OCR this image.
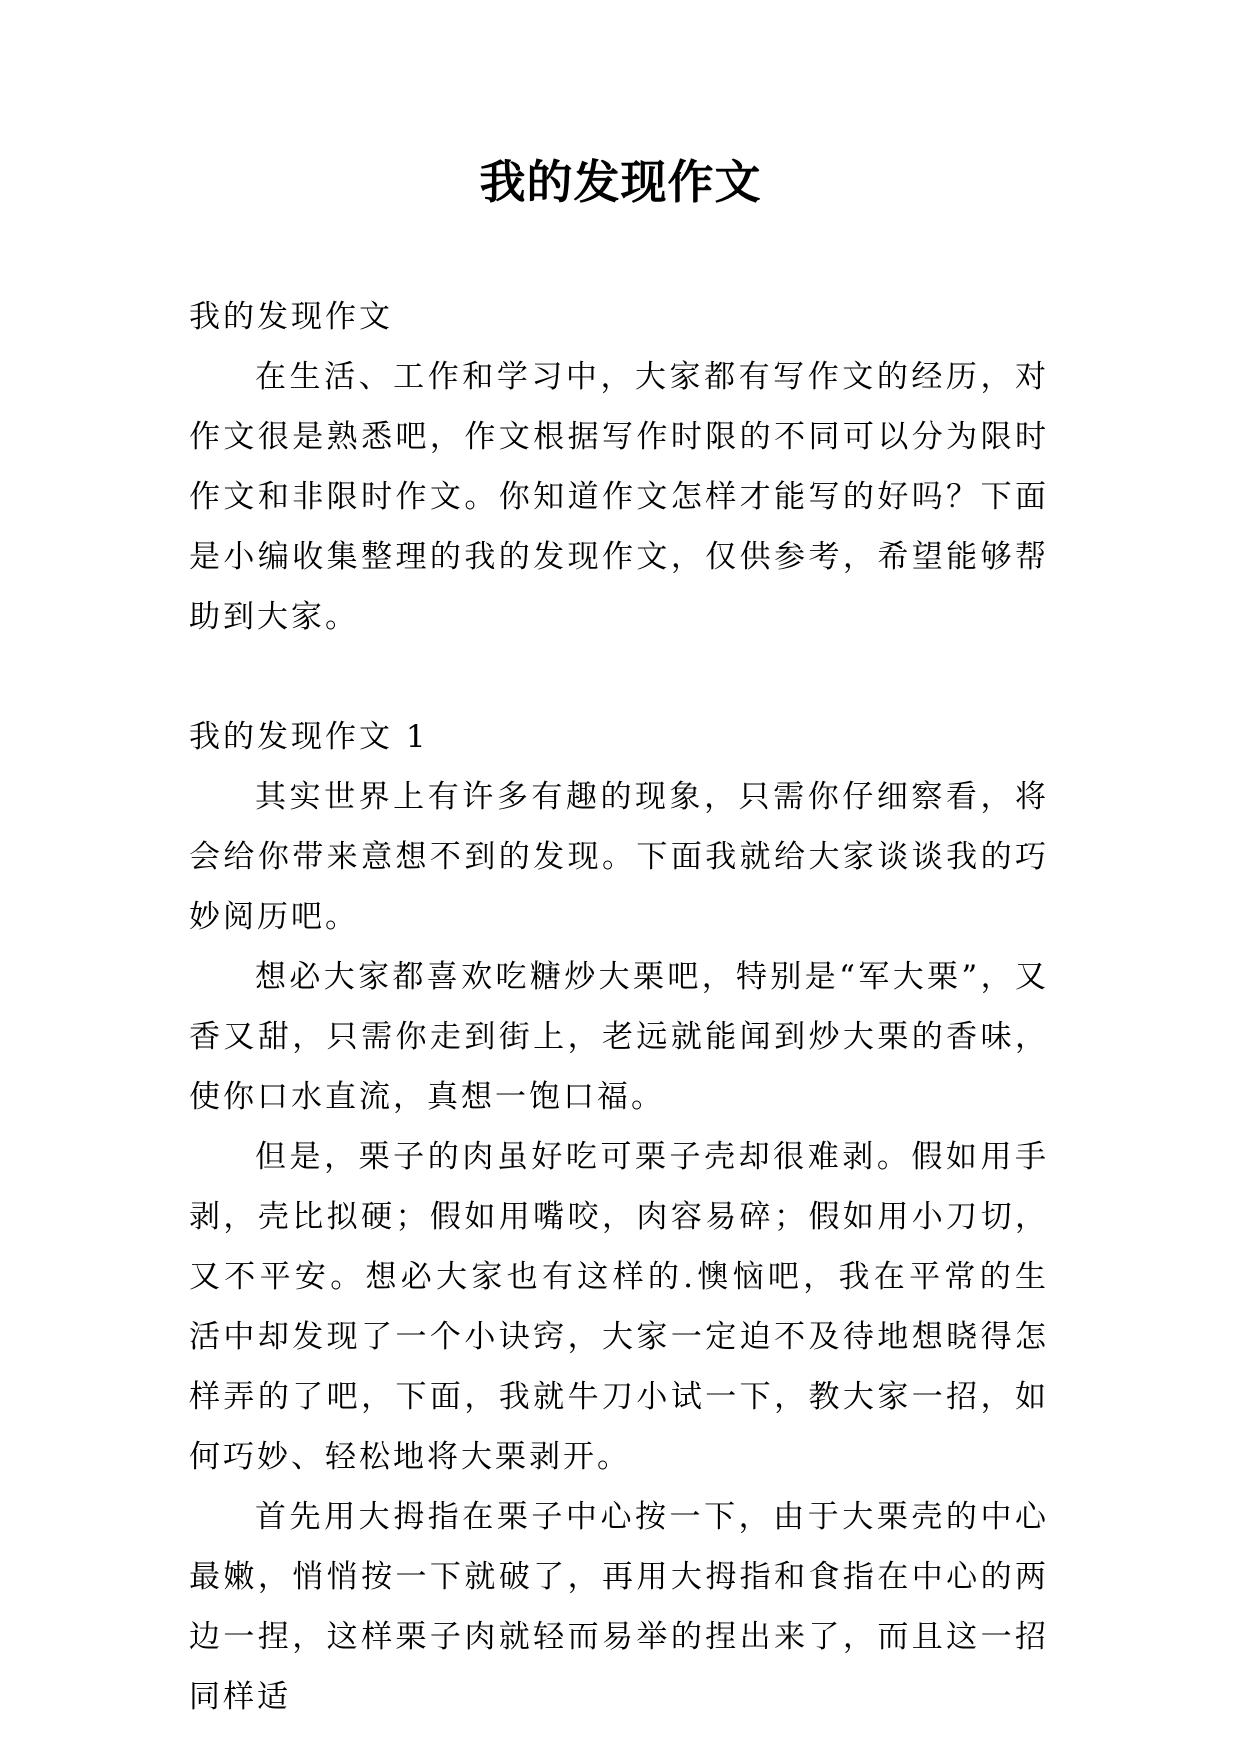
我的发现作文

我的发现作文

在生活、工作和学习中，大家都有写作文的经历，对作文很是熟悉吧，作文根据写作时限的不同可以分为限时作文和非限时作文。你知道作文怎样才能写的好吗？下面是小编收集整理的我的发现作文，仅供参考，希望能够帮助到大家。

我的发现作文 1

其实世界上有许多有趣的现象，只需你仔细察看，将会给你带来意想不到的发现。下面我就给大家谈谈我的巧妙阅历吧。

想必大家都喜欢吃糖炒大栗吧，特别是“军大栗”，又香又甜，只需你走到街上，老远就能闻到炒大栗的香味，使你口水直流，真想一饱口福。

但是，栗子的肉虽好吃可栗子壳却很难剥。假如用手剥，壳比拟硬；假如用嘴咬，肉容易碎；假如用小刀切，又不平安。想必大家也有这样的.懊恼吧，我在平常的生活中却发现了一个小诀窍，大家一定迫不及待地想晓得怎样弄的了吧，下面，我就牛刀小试一下，教大家一招，如何巧妙、轻松地将大栗剥开。

首先用大拇指在栗子中心按一下，由于大栗壳的中心最嫩，悄悄按一下就破了，再用大拇指和食指在中心的两边一捏，这样栗子肉就轻而易举的捏出来了，而且这一招同样适
